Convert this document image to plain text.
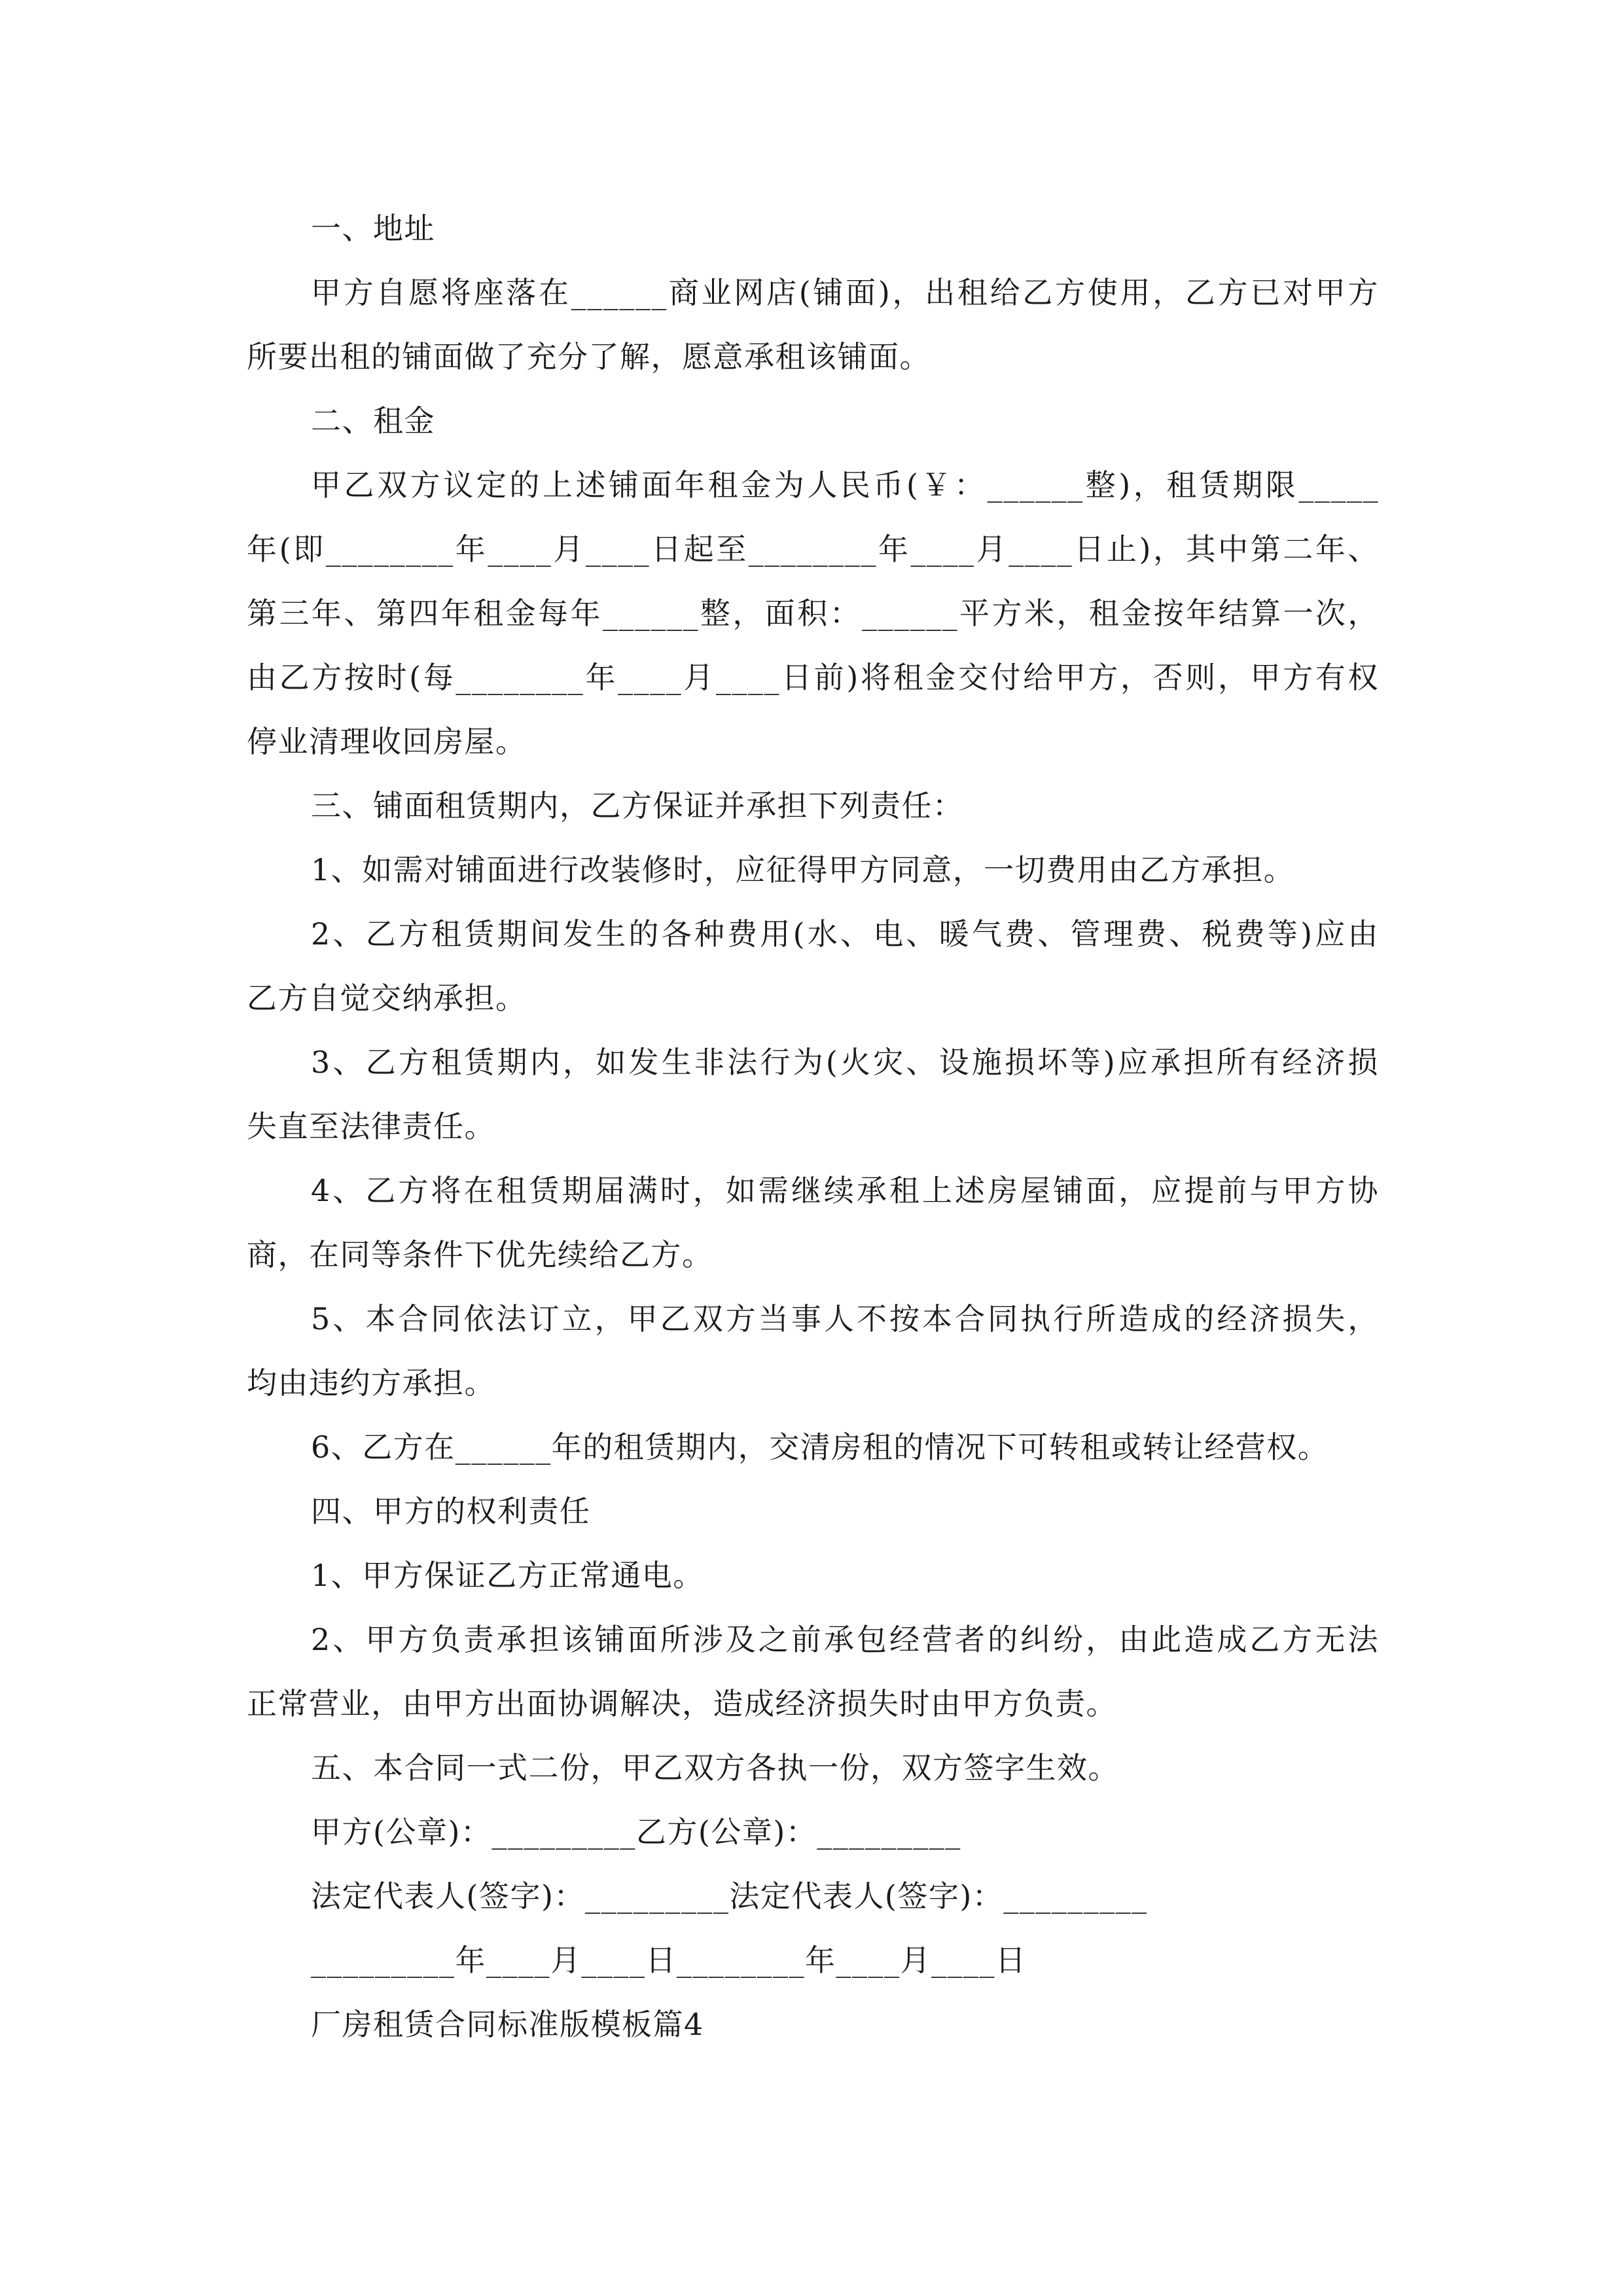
一、地址
甲方自愿将座落在______商业网店(铺面)，出租给乙方使用，乙方已对甲方
所要出租的铺面做了充分了解，愿意承租该铺面。
二、租金
甲乙双方议定的上述铺面年租金为人民币(￥：______整)，租赁期限_____
年(即________年____月____日起至________年____月____日止)，其中第二年、
第三年、第四年租金每年______整，面积：______平方米，租金按年结算一次，
由乙方按时(每________年____月____日前)将租金交付给甲方，否则，甲方有权
停业清理收回房屋。
三、铺面租赁期内，乙方保证并承担下列责任：
1、如需对铺面进行改装修时，应征得甲方同意，一切费用由乙方承担。
2、乙方租赁期间发生的各种费用(水、电、暖气费、管理费、税费等)应由
乙方自觉交纳承担。
3、乙方租赁期内，如发生非法行为(火灾、设施损坏等)应承担所有经济损
失直至法律责任。
4、乙方将在租赁期届满时，如需继续承租上述房屋铺面，应提前与甲方协
商，在同等条件下优先续给乙方。
5、本合同依法订立，甲乙双方当事人不按本合同执行所造成的经济损失，
均由违约方承担。
6、乙方在______年的租赁期内，交清房租的情况下可转租或转让经营权。
四、甲方的权利责任
1、甲方保证乙方正常通电。
2、甲方负责承担该铺面所涉及之前承包经营者的纠纷，由此造成乙方无法
正常营业，由甲方出面协调解决，造成经济损失时由甲方负责。
五、本合同一式二份，甲乙双方各执一份，双方签字生效。
甲方(公章)：_________乙方(公章)：_________
法定代表人(签字)：_________法定代表人(签字)：_________
_________年____月____日________年____月____日
厂房租赁合同标准版模板篇4
